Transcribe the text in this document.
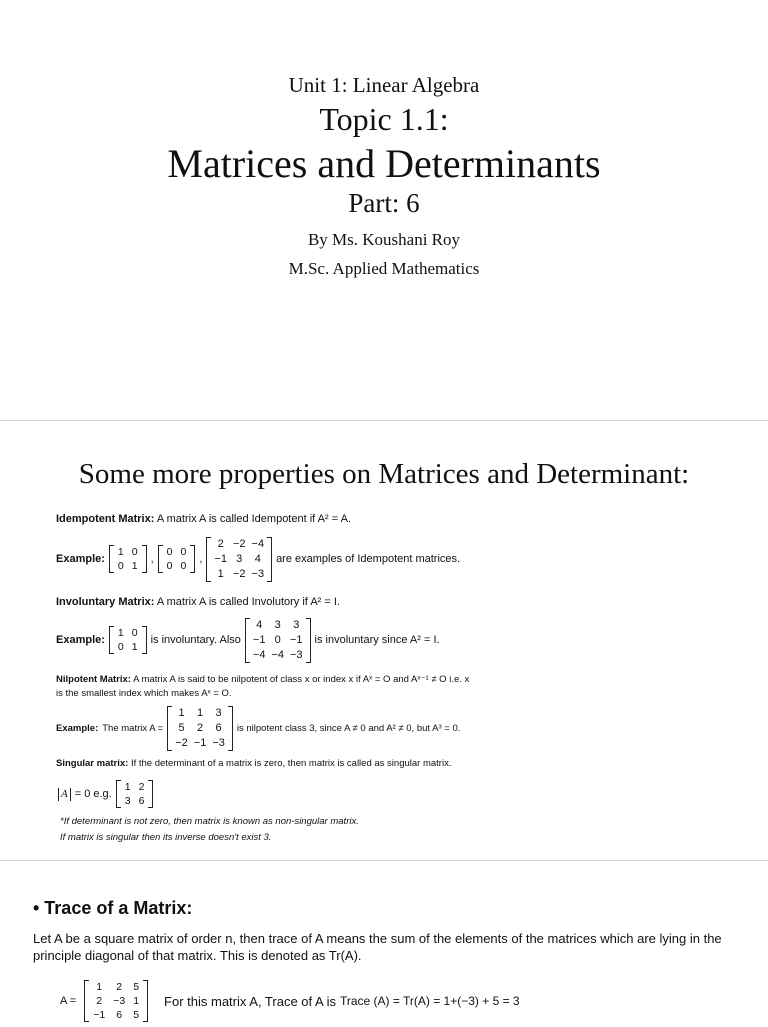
Unit 1: Linear Algebra
Topic 1.1:
Matrices and Determinants
Part: 6
By Ms. Koushani Roy
M.Sc. Applied Mathematics
Some more properties on Matrices and Determinant:
Idempotent Matrix: A matrix A is called Idempotent if A² = A.
Example:
1	0
0	1
,
0	0
0	0
,
2	−2	−4
−1	3	4
1	−2	−3
are examples of Idempotent matrices.
Involuntary Matrix: A matrix A is called Involutory if A² = I.
Example:
1	0
0	1
is involuntary. Also
4	3	3
−1	0	−1
−4	−4	−3
is involuntary since A² = I.
Nilpotent Matrix: A matrix A is said to be nilpotent of class x or index x if Aˣ = O and Aˣ⁻¹ ≠ O i.e. x
is the smallest index which makes Aˣ = O.
Example: The matrix A =
1	1	3
5	2	6
−2	−1	−3
is nilpotent class 3, since A ≠ 0 and A² ≠ 0, but A³ = 0.
Singular matrix: If the determinant of a matrix is zero, then matrix is called as singular matrix.
A = 0 e.g.
1	2
3	6
*If determinant is not zero, then matrix is known as non-singular matrix.
If matrix is singular then its inverse doesn't exist 3.
• Trace of a Matrix:
Let A be a square matrix of order n, then trace of A means the sum of the elements of the matrices which are lying in the principle diagonal of that matrix. This is denoted as Tr(A).
A =
1	2	5
2	−3	1
−1	6	5
For this matrix A, Trace of A is Trace (A) = Tr(A) = 1+(−3) + 5 = 3
